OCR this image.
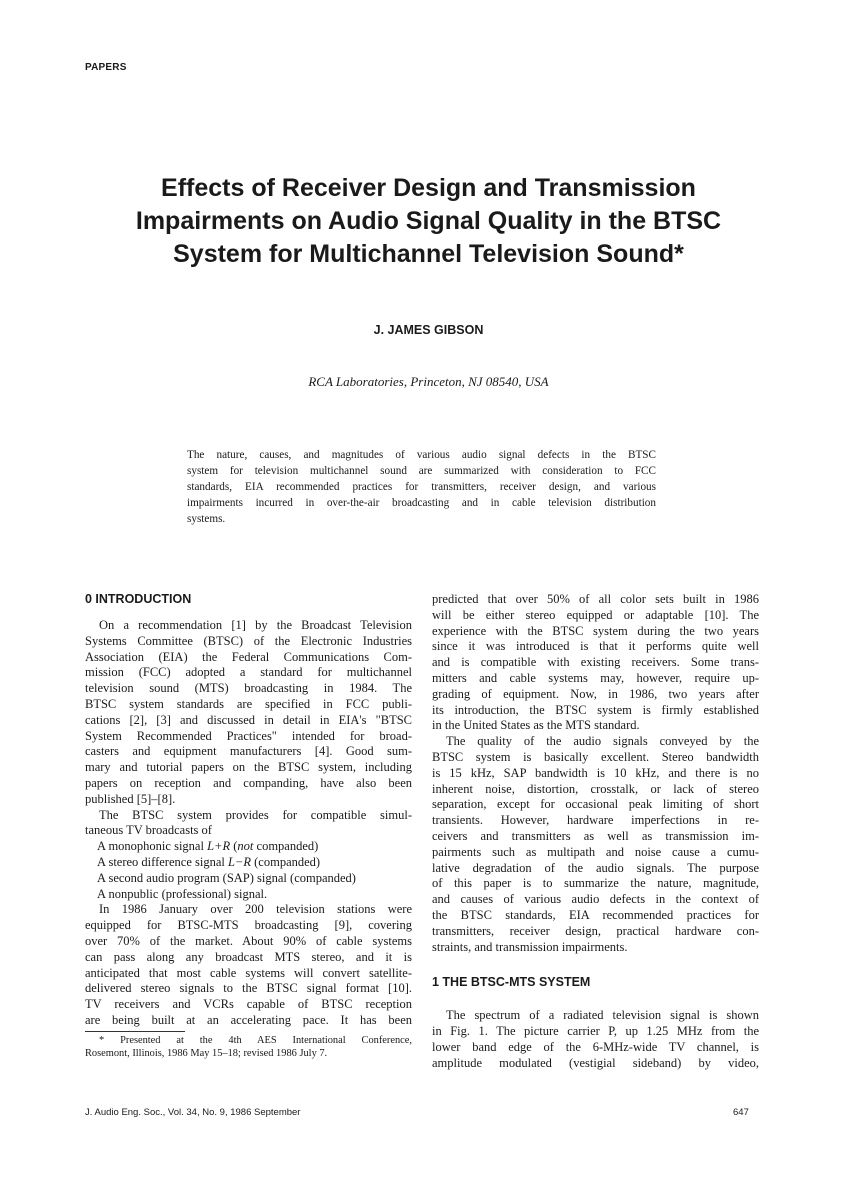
PAPERS
Effects of Receiver Design and Transmission
Impairments on Audio Signal Quality in the BTSC
System for Multichannel Television Sound*
J. JAMES GIBSON
RCA Laboratories, Princeton, NJ 08540, USA
The nature, causes, and magnitudes of various audio signal defects in the BTSC
system for television multichannel sound are summarized with consideration to FCC
standards, EIA recommended practices for transmitters, receiver design, and various
impairments incurred in over-the-air broadcasting and in cable television distribution
systems.
0 INTRODUCTION
On a recommendation [1] by the Broadcast Television
Systems Committee (BTSC) of the Electronic Industries
Association (EIA) the Federal Communications Com-
mission (FCC) adopted a standard for multichannel
television sound (MTS) broadcasting in 1984. The
BTSC system standards are specified in FCC publi-
cations [2], [3] and discussed in detail in EIA's "BTSC
System Recommended Practices" intended for broad-
casters and equipment manufacturers [4]. Good sum-
mary and tutorial papers on the BTSC system, including
papers on reception and companding, have also been
published [5]–[8].
The BTSC system provides for compatible simul-
taneous TV broadcasts of
A monophonic signal L+R (not companded)
A stereo difference signal L−R (companded)
A second audio program (SAP) signal (companded)
A nonpublic (professional) signal.
In 1986 January over 200 television stations were
equipped for BTSC-MTS broadcasting [9], covering
over 70% of the market. About 90% of cable systems
can pass along any broadcast MTS stereo, and it is
anticipated that most cable systems will convert satellite-
delivered stereo signals to the BTSC signal format [10].
TV receivers and VCRs capable of BTSC reception
are being built at an accelerating pace. It has been
* Presented at the 4th AES International Conference,
Rosemont, Illinois, 1986 May 15–18; revised 1986 July 7.
predicted that over 50% of all color sets built in 1986
will be either stereo equipped or adaptable [10]. The
experience with the BTSC system during the two years
since it was introduced is that it performs quite well
and is compatible with existing receivers. Some trans-
mitters and cable systems may, however, require up-
grading of equipment. Now, in 1986, two years after
its introduction, the BTSC system is firmly established
in the United States as the MTS standard.
The quality of the audio signals conveyed by the
BTSC system is basically excellent. Stereo bandwidth
is 15 kHz, SAP bandwidth is 10 kHz, and there is no
inherent noise, distortion, crosstalk, or lack of stereo
separation, except for occasional peak limiting of short
transients. However, hardware imperfections in re-
ceivers and transmitters as well as transmission im-
pairments such as multipath and noise cause a cumu-
lative degradation of the audio signals. The purpose
of this paper is to summarize the nature, magnitude,
and causes of various audio defects in the context of
the BTSC standards, EIA recommended practices for
transmitters, receiver design, practical hardware con-
straints, and transmission impairments.
1 THE BTSC-MTS SYSTEM
The spectrum of a radiated television signal is shown
in Fig. 1. The picture carrier P, up 1.25 MHz from the
lower band edge of the 6-MHz-wide TV channel, is
amplitude modulated (vestigial sideband) by video,
J. Audio Eng. Soc., Vol. 34, No. 9, 1986 September	647
